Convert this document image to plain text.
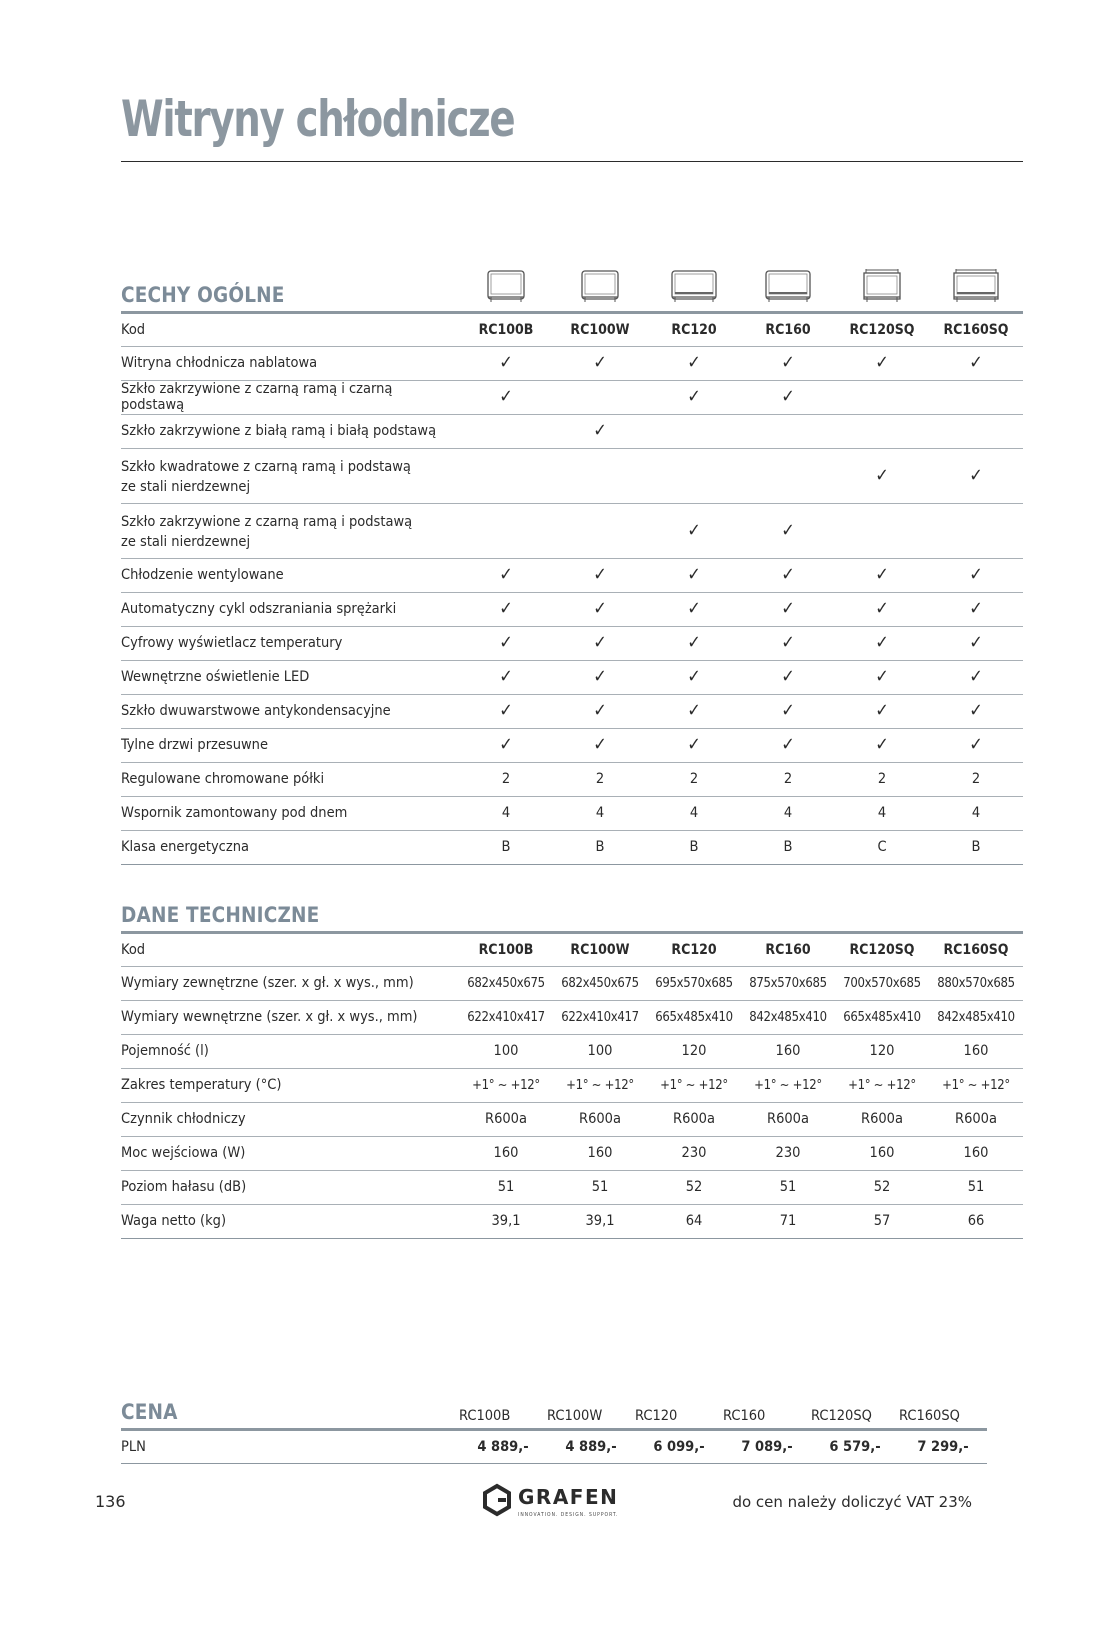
Witryny chłodnicze
CECHY OGÓLNE						
Kod	RC100B	RC100W	RC120	RC160	RC120SQ	RC160SQ
Witryna chłodnicza nablatowa	✓	✓	✓	✓	✓	✓
Szkło zakrzywione z czarną ramą i czarną podstawą	✓		✓	✓		
Szkło zakrzywione z białą ramą i białą podstawą		✓				

Szkło kwadratowe z czarną ramą i podstawą
ze stali nierdzewnej					✓	✓

Szkło zakrzywione z czarną ramą i podstawą
ze stali nierdzewnej			✓	✓		
Chłodzenie wentylowane	✓	✓	✓	✓	✓	✓
Automatyczny cykl odszraniania sprężarki	✓	✓	✓	✓	✓	✓
Cyfrowy wyświetlacz temperatury	✓	✓	✓	✓	✓	✓
Wewnętrzne oświetlenie LED	✓	✓	✓	✓	✓	✓
Szkło dwuwarstwowe antykondensacyjne	✓	✓	✓	✓	✓	✓
Tylne drzwi przesuwne	✓	✓	✓	✓	✓	✓
Regulowane chromowane półki	2	2	2	2	2	2
Wspornik zamontowany pod dnem	4	4	4	4	4	4
Klasa energetyczna	B	B	B	B	C	B
DANE TECHNICZNE						
Kod	RC100B	RC100W	RC120	RC160	RC120SQ	RC160SQ
Wymiary zewnętrzne (szer. x gł. x wys., mm)	682x450x675	682x450x675	695x570x685	875x570x685	700x570x685	880x570x685
Wymiary wewnętrzne (szer. x gł. x wys., mm)	622x410x417	622x410x417	665x485x410	842x485x410	665x485x410	842x485x410
Pojemność (l)	100	100	120	160	120	160
Zakres temperatury (°C)	+1° ~ +12°	+1° ~ +12°	+1° ~ +12°	+1° ~ +12°	+1° ~ +12°	+1° ~ +12°
Czynnik chłodniczy	R600a	R600a	R600a	R600a	R600a	R600a
Moc wejściowa (W)	160	160	230	230	160	160
Poziom hałasu (dB)	51	51	52	51	52	51
Waga netto (kg)	39,1	39,1	64	71	57	66
CENA	RC100B	RC100W	RC120	RC160	RC120SQ	RC160SQ
PLN	4 889,-	4 889,-	6 099,-	7 089,-	6 579,-	7 299,-
136	GRAFEN
INNOVATION. DESIGN. SUPPORT.
do cen należy doliczyć VAT 23%
